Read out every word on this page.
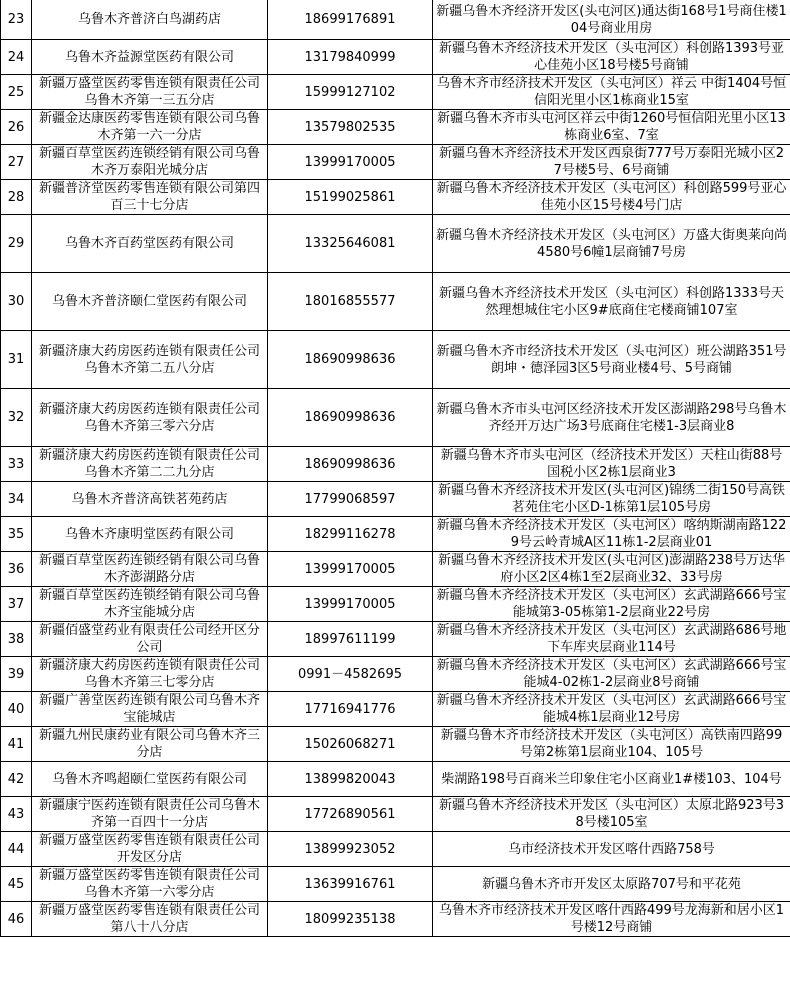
23	乌鲁木齐普济白鸟湖药店	18699176891	新疆乌鲁木齐经济开发区(头屯河区)通达街168号1号商住楼104号商业用房
24	乌鲁木齐益源堂医药有限公司	13179840999	新疆乌鲁木齐经济技术开发区（头屯河区）科创路1393号亚心佳苑小区18号楼5号商铺
25	新疆万盛堂医药零售连锁有限责任公司乌鲁木齐第一三五分店	15999127102	乌鲁木齐市经济技术开发区（头屯河区）祥云 中街1404号恒信阳光里小区1栋商业15室
26	新疆金达康医药零售连锁有限公司乌鲁木齐第一六一分店	13579802535	新疆乌鲁木齐市头屯河区祥云中街1260号恒信阳光里小区13栋商业6室、7室
27	新疆百草堂医药连锁经销有限公司乌鲁木齐万泰阳光城分店	13999170005	新疆乌鲁木齐经济技术开发区西泉街777号万泰阳光城小区27号楼5号、6号商铺
28	新疆普济堂医药零售连锁有限公司第四百三十七分店	15199025861	新疆乌鲁木齐经济技术开发区（头屯河区）科创路599号亚心佳苑小区15号楼4号门店
29	乌鲁木齐百药堂医药有限公司	13325646081	新疆乌鲁木齐经济技术开发区（头屯河区）万盛大街奥莱向尚4580号6幢1层商铺7号房
30	乌鲁木齐普济颐仁堂医药有限公司	18016855577	新疆乌鲁木齐经济技术开发区（头屯河区）科创路1333号天然理想城住宅小区9#底商住宅楼商铺107室
31	新疆济康大药房医药连锁有限责任公司乌鲁木齐第二五八分店	18690998636	新疆乌鲁木齐市经济技术开发区（头屯河区）班公湖路351号朗坤・德泽园3区5号商业楼4号、5号商铺
32	新疆济康大药房医药连锁有限责任公司乌鲁木齐第三零六分店	18690998636	新疆乌鲁木齐市头屯河区经济技术开发区澎湖路298号乌鲁木齐经开万达广场3号底商住宅楼1-3层商业8
33	新疆济康大药房医药连锁有限责任公司乌鲁木齐第二二九分店	18690998636	新疆乌鲁木齐市头屯河区（经济技术开发区）天柱山街88号国税小区2栋1层商业3
34	乌鲁木齐普济高铁茗苑药店	17799068597	新疆乌鲁木齐经济技术开发区(头屯河区)锦绣二街150号高铁茗苑住宅小区D-1栋第1层105号房
35	乌鲁木齐康明堂医药有限公司	18299116278	新疆乌鲁木齐经济技术开发区（头屯河区）喀纳斯湖南路1229号云岭青城A区11栋1-2层商业01
36	新疆百草堂医药连锁经销有限公司乌鲁木齐澎湖路分店	13999170005	新疆乌鲁木齐经济技术开发区(头屯河区)澎湖路238号万达华府小区2区4栋1至2层商业32、33号房
37	新疆百草堂医药连锁经销有限公司乌鲁木齐宝能城分店	13999170005	新疆乌鲁木齐经济技术开发区（头屯河区）玄武湖路666号宝能城第3-05栋第1-2层商业22号房
38	新疆佰盛堂药业有限责任公司经开区分公司	18997611199	新疆乌鲁木齐经济技术开发区（头屯河区）玄武湖路686号地下车库夹层商业114号
39	新疆济康大药房医药连锁有限责任公司乌鲁木齐第三七零分店	0991－4582695	新疆乌鲁木齐经济技术开发区（头屯河区）玄武湖路666号宝能城4-02栋1-2层商业8号商铺
40	新疆广善堂医药连锁有限公司乌鲁木齐宝能城店	17716941776	新疆乌鲁木齐经济技术开发区（头屯河区）玄武湖路666号宝能城4栋1层商业12号房
41	新疆九州民康药业有限公司乌鲁木齐三分店	15026068271	新疆乌鲁木齐市经济技术开发区（头屯河区）高铁南四路99号第2栋第1层商业104、105号
42	乌鲁木齐鸣超颐仁堂医药有限公司	13899820043	柴湖路198号百商米兰印象住宅小区商业1#楼103、104号
43	新疆康宁医药连锁有限责任公司乌鲁木齐第一百四十一分店	17726890561	新疆乌鲁木齐经济技术开发区（头屯河区）太原北路923号38号楼105室
44	新疆万盛堂医药零售连锁有限责任公司开发区分店	13899923052	乌市经济技术开发区喀什西路758号
45	新疆万盛堂医药零售连锁有限责任公司乌鲁木齐第一六零分店	13639916761	新疆乌鲁木齐市开发区太原路707号和平花苑
46	新疆万盛堂医药零售连锁有限责任公司第八十八分店	18099235138	乌鲁木齐市经济技术开发区喀什西路499号龙海新和居小区1号楼12号商铺
